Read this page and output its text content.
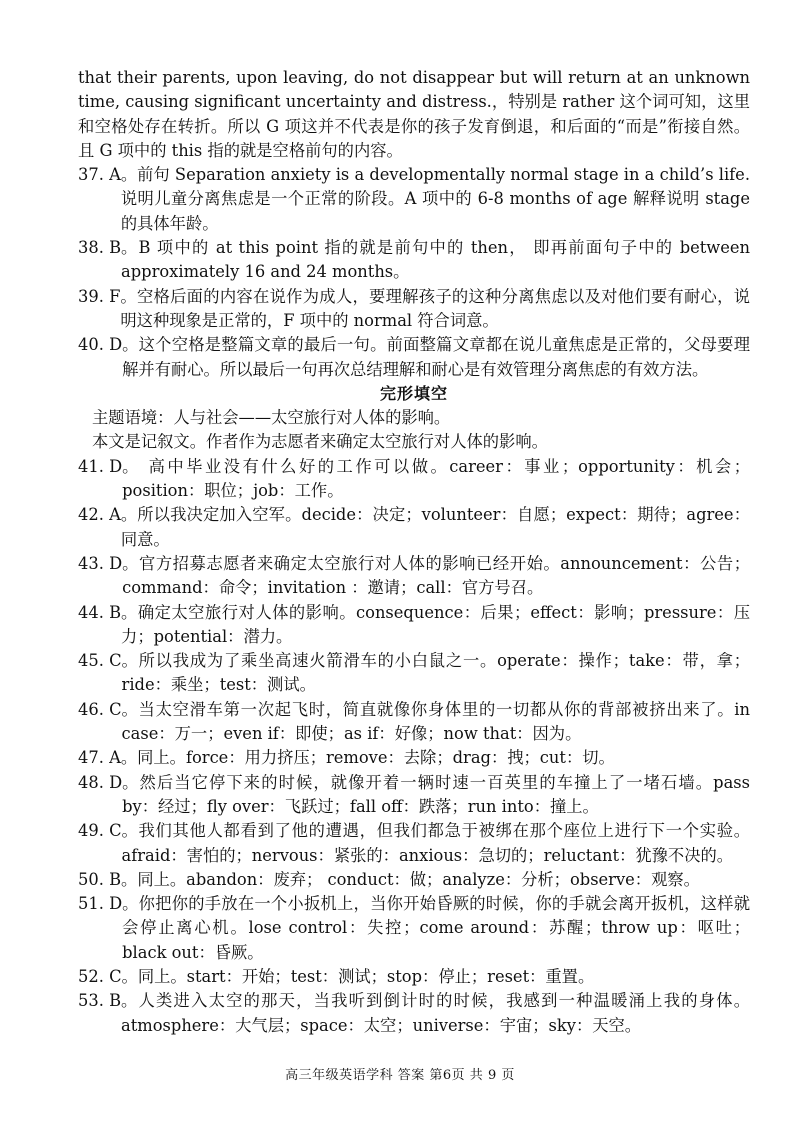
that their parents, upon leaving, do not disappear but will return at an unknown time, causing significant uncertainty and distress.，特别是 rather 这个词可知，这里和空格处存在转折。所以 G 项这并不代表是你的孩子发育倒退，和后面的“而是”衔接自然。且 G 项中的 this 指的就是空格前句的内容。

37. A 。前句 Separation anxiety is a developmentally normal stage in a child’s life.说明儿童分离焦虑是一个正常的阶段。A 项中的 6-8 months of age 解释说明 stage 的具体年龄。
38. B 。B 项中的 at this point 指的就是前句中的 then， 即再前面句子中的 between approximately 16 and 24 months。
39. F 。空格后面的内容在说作为成人，要理解孩子的这种分离焦虑以及对他们要有耐心，说明这种现象是正常的，F 项中的 normal 符合词意。
40. D 。这个空格是整篇文章的最后一句。前面整篇文章都在说儿童焦虑是正常的，父母要理解并有耐心。所以最后一句再次总结理解和耐心是有效管理分离焦虑的有效方法。

完形填空

主题语境：人与社会——太空旅行对人体的影响。

本文是记叙文。作者作为志愿者来确定太空旅行对人体的影响。

41. D 。 高中毕业没有什么好的工作可以做。career：事业；opportunity：机会；position：职位；job：工作。
42. A 。所以我决定加入空军。decide：决定；volunteer：自愿；expect：期待；agree：同意。
43. D 。官方招募志愿者来确定太空旅行对人体的影响已经开始。announcement：公告；command：命令；invitation ：邀请；call：官方号召。
44. B 。确定太空旅行对人体的影响。consequence：后果；effect：影响；pressure：压力；potential：潜力。
45. C 。所以我成为了乘坐高速火箭滑车的小白鼠之一。operate：操作；take：带，拿；ride：乘坐；test：测试。
46. C 。当太空滑车第一次起飞时，简直就像你身体里的一切都从你的背部被挤出来了。in case：万一；even if：即使；as if：好像；now that：因为。
47. A 。同上。force：用力挤压；remove：去除；drag：拽；cut：切。
48. D 。然后当它停下来的时候，就像开着一辆时速一百英里的车撞上了一堵石墙。pass by：经过；fly over：飞跃过；fall off：跌落；run into：撞上。
49. C 。我们其他人都看到了他的遭遇，但我们都急于被绑在那个座位上进行下一个实验。afraid：害怕的；nervous：紧张的：anxious：急切的；reluctant：犹豫不决的。
50. B 。同上。abandon：废弃； conduct：做；analyze：分析；observe：观察。
51. D 。你把你的手放在一个小扳机上，当你开始昏厥的时候，你的手就会离开扳机，这样就会停止离心机。lose control：失控；come around：苏醒；throw up：呕吐；black out：昏厥。
52. C 。同上。start：开始；test：测试；stop：停止；reset：重置。
53. B 。人类进入太空的那天，当我听到倒计时的时候，我感到一种温暖涌上我的身体。atmosphere：大气层；space：太空；universe：宇宙；sky：天空。
高三年级英语学科 答案 第6页 共 9 页
